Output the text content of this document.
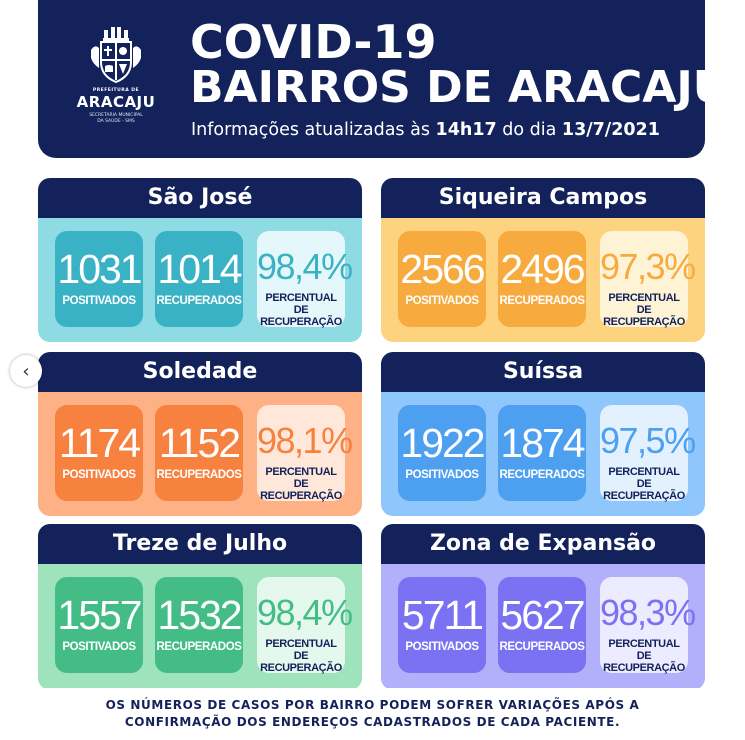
PREFEITURA DE
ARACAJU
SECRETARIA MUNICIPAL
DA SAÚDE - SMS
COVID-19
BAIRROS DE ARACAJU
Informações atualizadas às 14h17 do dia 13/7/2021
São José
1031
POSITIVADOS
1014
RECUPERADOS
98,4%
PERCENTUAL DE
RECUPERAÇÃO
Siqueira Campos
2566
POSITIVADOS
2496
RECUPERADOS
97,3%
PERCENTUAL DE
RECUPERAÇÃO
Soledade
1174
POSITIVADOS
1152
RECUPERADOS
98,1%
PERCENTUAL DE
RECUPERAÇÃO
Suíssa
1922
POSITIVADOS
1874
RECUPERADOS
97,5%
PERCENTUAL DE
RECUPERAÇÃO
Treze de Julho
1557
POSITIVADOS
1532
RECUPERADOS
98,4%
PERCENTUAL DE
RECUPERAÇÃO
Zona de Expansão
5711
POSITIVADOS
5627
RECUPERADOS
98,3%
PERCENTUAL DE
RECUPERAÇÃO
‹
OS NÚMEROS DE CASOS POR BAIRRO PODEM SOFRER VARIAÇÕES APÓS A
CONFIRMAÇÃO DOS ENDEREÇOS CADASTRADOS DE CADA PACIENTE.
